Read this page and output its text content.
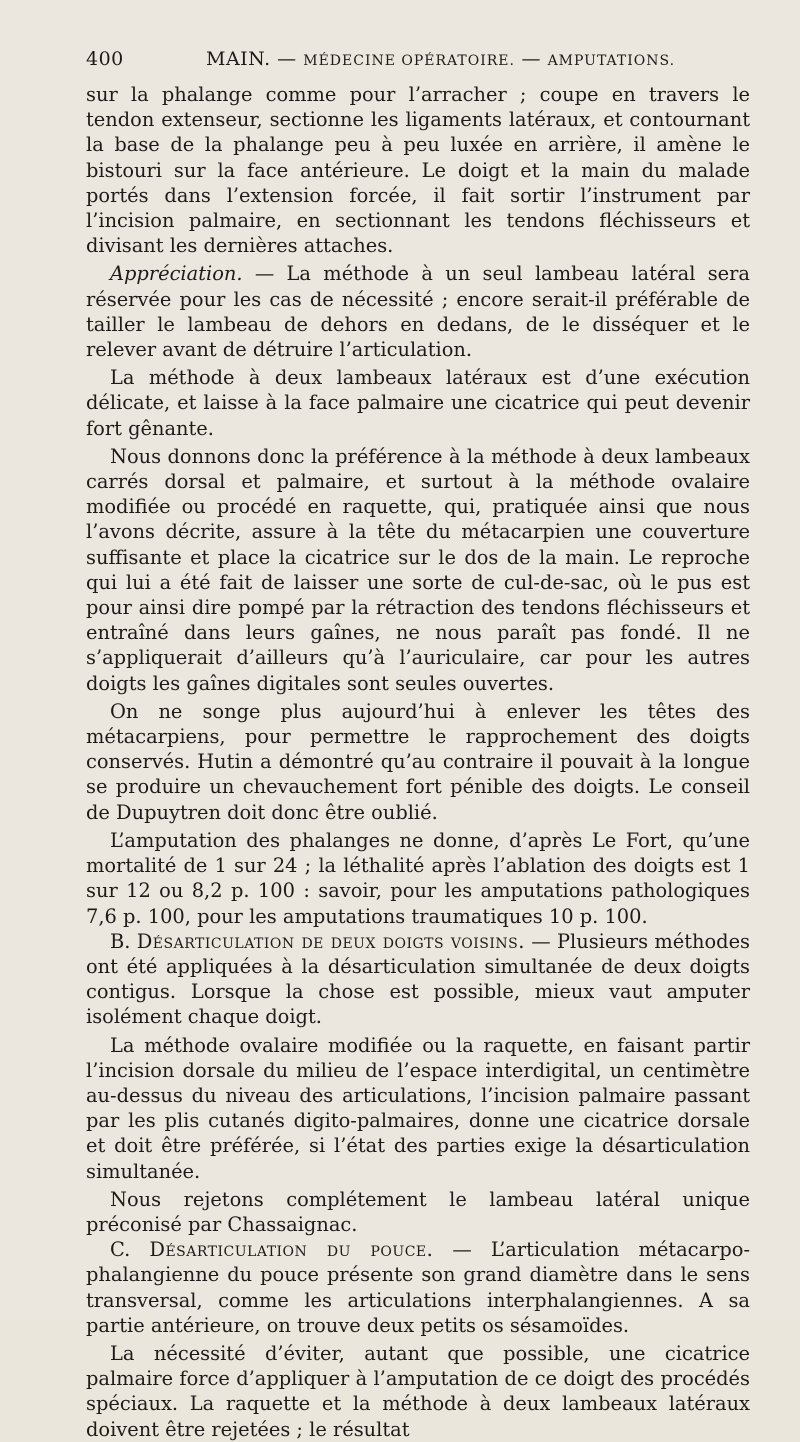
400	MAIN. — MÉDECINE OPÉRATOIRE. — AMPUTATIONS.

sur la phalange comme pour l’arracher ; coupe en travers le tendon extenseur, sectionne les ligaments latéraux, et contournant la base de la phalange peu à peu luxée en arrière, il amène le bistouri sur la face antérieure. Le doigt et la main du malade portés dans l’extension forcée, il fait sortir l’instrument par l’incision palmaire, en sectionnant les tendons fléchisseurs et divisant les dernières attaches.

Appréciation. — La méthode à un seul lambeau latéral sera réservée pour les cas de nécessité ; encore serait-il préférable de tailler le lambeau de dehors en dedans, de le disséquer et le relever avant de détruire l’articulation.

La méthode à deux lambeaux latéraux est d’une exécution délicate, et laisse à la face palmaire une cicatrice qui peut devenir fort gênante.

Nous donnons donc la préférence à la méthode à deux lambeaux carrés dorsal et palmaire, et surtout à la méthode ovalaire modifiée ou procédé en raquette, qui, pratiquée ainsi que nous l’avons décrite, assure à la tête du métacarpien une couverture suffisante et place la cicatrice sur le dos de la main. Le reproche qui lui a été fait de laisser une sorte de cul-de-sac, où le pus est pour ainsi dire pompé par la rétraction des tendons fléchisseurs et entraîné dans leurs gaînes, ne nous paraît pas fondé. Il ne s’appliquerait d’ailleurs qu’à l’auriculaire, car pour les autres doigts les gaînes digitales sont seules ouvertes.

On ne songe plus aujourd’hui à enlever les têtes des métacarpiens, pour permettre le rapprochement des doigts conservés. Hutin a démontré qu’au contraire il pouvait à la longue se produire un chevauchement fort pénible des doigts. Le conseil de Dupuytren doit donc être oublié.

L’amputation des phalanges ne donne, d’après Le Fort, qu’une mortalité de 1 sur 24 ; la léthalité après l’ablation des doigts est 1 sur 12 ou 8,2 p. 100 : savoir, pour les amputations pathologiques 7,6 p. 100, pour les amputations traumatiques 10 p. 100.

B. Désarticulation de deux doigts voisins. — Plusieurs méthodes ont été appliquées à la désarticulation simultanée de deux doigts contigus. Lorsque la chose est possible, mieux vaut amputer isolément chaque doigt.

La méthode ovalaire modifiée ou la raquette, en faisant partir l’incision dorsale du milieu de l’espace interdigital, un centimètre au-dessus du niveau des articulations, l’incision palmaire passant par les plis cutanés digito-palmaires, donne une cicatrice dorsale et doit être préférée, si l’état des parties exige la désarticulation simultanée.

Nous rejetons complétement le lambeau latéral unique préconisé par Chassaignac.

C. Désarticulation du pouce. — L’articulation métacarpo-phalangienne du pouce présente son grand diamètre dans le sens transversal, comme les articulations interphalangiennes. A sa partie antérieure, on trouve deux petits os sésamoïdes.

La nécessité d’éviter, autant que possible, une cicatrice palmaire force d’appliquer à l’amputation de ce doigt des procédés spéciaux. La raquette et la méthode à deux lambeaux latéraux doivent être rejetées ; le résultat
